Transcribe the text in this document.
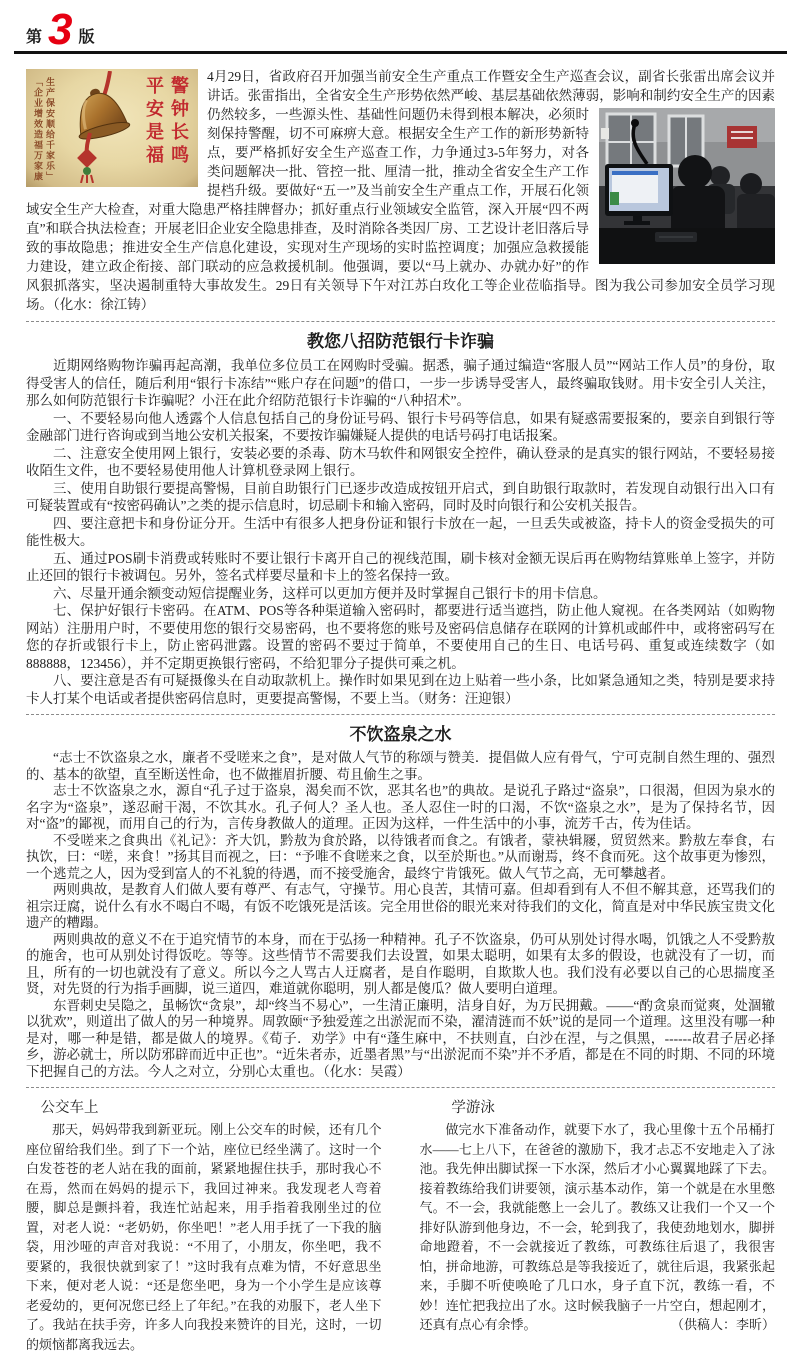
第 3 版
生产保安顺给千家乐」
「企业增效造福万家康	警钟长鸣
平安是福	4月29日，省政府召开加强当前安全生产重点工作暨安全生产巡查会议，副省长张雷出席会议并讲话。张雷指出，全省安全生产形势依然严峻、基层基础依然薄弱，影响和制约安全生产的因素
仍然较多，一些源头性、基础性问题仍未得到根本解决，必须时刻保持警醒，切不可麻痹大意。根据安全生产工作的新形势新特点，要严格抓好安全生产巡查工作，力争通过3-5年努力，对各类问题解决一批、管控一批、厘清一批，推动全省安全生产工作提档升级。要做好“五一”及当前安全生产重点工作，开展石化领域安全生产大检查，对重大隐患严格挂牌督办；抓好重点行业领域安全监管，深入开展“四不两直”和联合执法检查；开展老旧企业安全隐患排查，及时消除各类因厂房、工艺设计老旧落后导致的事故隐患；推进安全生产信息化建设，实现对生产现场的实时监控调度；加强应急救援能力建设，建立政企衔接、部门联动的应急救援机制。他强调，要以“马上就办、办就办好”的作风狠抓落实，坚决遏制重特大事故发生。29日有关领导下午对江苏白玫化工等企业莅临指导。图为我公司参加安全员学习现场。（化水：徐江铸）
教您八招防范银行卡诈骗

近期网络购物诈骗再起高潮，我单位多位员工在网购时受骗。据悉，骗子通过编造“客服人员”“网站工作人员”的身份，取得受害人的信任，随后利用“银行卡冻结”“账户存在问题”的借口，一步一步诱导受害人，最终骗取钱财。用卡安全引人关注，那么如何防范银行卡诈骗呢？小汪在此介绍防范银行卡诈骗的“八种招术”。

一、不要轻易向他人透露个人信息包括自己的身份证号码、银行卡号码等信息，如果有疑惑需要报案的，要亲自到银行等金融部门进行咨询或到当地公安机关报案，不要按诈骗嫌疑人提供的电话号码打电话报案。

二、注意安全使用网上银行，安装必要的杀毒、防木马软件和网银安全控件，确认登录的是真实的银行网站，不要轻易接收陌生文件，也不要轻易使用他人计算机登录网上银行。

三、使用自助银行要提高警惕，目前自助银行门已逐步改造成按钮开启式，到自助银行取款时，若发现自动银行出入口有可疑装置或有“按密码确认”之类的提示信息时，切忌刷卡和输入密码，同时及时向银行和公安机关报告。

四、要注意把卡和身份证分开。生活中有很多人把身份证和银行卡放在一起，一旦丢失或被盗，持卡人的资金受损失的可能性极大。

五、通过POS刷卡消费或转账时不要让银行卡离开自己的视线范围，刷卡核对金额无误后再在购物结算账单上签字，并防止还回的银行卡被调包。另外，签名式样要尽量和卡上的签名保持一致。

六、尽量开通余额变动短信提醒业务，这样可以更加方便并及时掌握自己银行卡的用卡信息。

七、保护好银行卡密码。在ATM、POS等各种渠道输入密码时，都要进行适当遮挡，防止他人窥视。在各类网站（如购物网站）注册用户时，不要使用您的银行交易密码，也不要将您的账号及密码信息储存在联网的计算机或邮件中，或将密码写在您的存折或银行卡上，防止密码泄露。设置的密码不要过于简单，不要使用自己的生日、电话号码、重复或连续数字（如888888，123456），并不定期更换银行密码，不给犯罪分子提供可乘之机。

八、要注意是否有可疑摄像头在自动取款机上。操作时如果见到在边上贴着一些小条，比如紧急通知之类，特别是要求持卡人打某个电话或者提供密码信息时，更要提高警惕，不要上当。（财务：汪迎银）

不饮盗泉之水

“志士不饮盗泉之水，廉者不受嗟来之食”，是对做人气节的称颂与赞美．提倡做人应有骨气，宁可克制自然生理的、强烈的、基本的欲望，直至断送性命，也不做摧眉折腰、苟且偷生之事。

志士不饮盗泉之水，源自“孔子过于盗泉，渴矣而不饮，恶其名也”的典故。是说孔子路过“盗泉”，口很渴，但因为泉水的名字为“盗泉”，遂忍耐干渴，不饮其水。孔子何人？圣人也。圣人忍住一时的口渴，不饮“盗泉之水”，是为了保持名节，因对“盗”的鄙视，而用自己的行为，言传身教做人的道理。正因为这样，一件生活中的小事，流芳千古，传为佳话。

不受嗟来之食典出《礼记》：齐大饥，黔敖为食於路，以待饿者而食之。有饿者，蒙袂辑屦，贸贸然来。黔敖左奉食，右执饮，曰：“嗟，来食！”扬其目而视之，曰：“予唯不食嗟来之食，以至於斯也。”从而谢焉，终不食而死。这个故事更为惨烈，一个逃荒之人，因为受到富人的不礼貌的待遇，而不接受施舍，最终宁肯饿死。做人气节之高，无可攀越者。

两则典故，是教育人们做人要有尊严、有志气，守操节。用心良苦，其情可嘉。但却看到有人不但不解其意，还骂我们的祖宗迂腐，说什么有水不喝白不喝，有饭不吃饿死是活该。完全用世俗的眼光来对待我们的文化，简直是对中华民族宝贵文化遗产的糟蹋。

两则典故的意义不在于追究情节的本身，而在于弘扬一种精神。孔子不饮盗泉，仍可从别处讨得水喝，饥饿之人不受黔敖的施舍，也可从别处讨得饭吃。等等。这些情节不需要我们去设置，如果太聪明，如果有太多的假设，也就没有了一切，而且，所有的一切也就没有了意义。所以今之人骂古人迂腐者，是自作聪明，自欺欺人也。我们没有必要以自己的心思揣度圣贤，对先贤的行为指手画脚，说三道四，难道就你聪明，别人都是傻瓜？做人要明白道理。

东晋刺史吴隐之，虽畅饮“贪泉”，却“终当不易心”，一生清正廉明，洁身自好，为万民拥戴。——“酌贪泉而觉爽，处涸辙以犹欢”，则道出了做人的另一种境界。周敦颐“予独爱莲之出淤泥而不染，濯清涟而不妖”说的是同一个道理。这里没有哪一种是对，哪一种是错，都是做人的境界。《荀子．劝学》中有“蓬生麻中，不扶则直，白沙在涅，与之俱黑，------故君子居必择乡，游必就士，所以防邪辟而近中正也”。“近朱者赤，近墨者黑”与“出淤泥而不染”并不矛盾，都是在不同的时期、不同的环境下把握自己的方法。今人之对立，分别心太重也。（化水：吴霞）

公交车上

那天，妈妈带我到新亚玩。刚上公交车的时候，还有几个座位留给我们坐。到了下一个站，座位已经坐满了。这时一个白发苍苍的老人站在我的面前，紧紧地握住扶手，那时我心不在焉，然而在妈妈的提示下，我回过神来。我发现老人弯着腰，脚总是颤抖着，我连忙站起来，用手指着我刚坐过的位置，对老人说：“老奶奶，你坐吧！”老人用手抚了一下我的脑袋，用沙哑的声音对我说：“不用了，小朋友，你坐吧，我不要紧的，我很快就到家了！”这时我有点难为情，不好意思坐下来，便对老人说：“还是您坐吧，身为一个小学生是应该尊老爱幼的，更何况您已经上了年纪。”在我的劝服下，老人坐下了。我站在扶手旁，许多人向我投来赞许的目光，这时，一切的烦恼都离我远去。

学游泳

做完水下准备动作，就要下水了，我心里像十五个吊桶打水——七上八下，在爸爸的激励下，我才忐忑不安地走入了泳池。我先伸出脚试探一下水深，然后才小心翼翼地踩了下去。接着教练给我们讲要领，演示基本动作，第一个就是在水里憋气。不一会，我就能憋上一会儿了。教练又让我们一个又一个排好队游到他身边，不一会，轮到我了，我使劲地划水，脚拼命地蹬着，不一会就接近了教练，可教练往后退了，我很害怕，拼命地游，可教练总是等我接近了，就往后退，我紧张起来，手脚不听使唤呛了几口水，身子直下沉，教练一看，不妙！连忙把我拉出了水。这时候我脑子一片空白，想起刚才，还真有点心有余悸。	（供稿人：李昕）
